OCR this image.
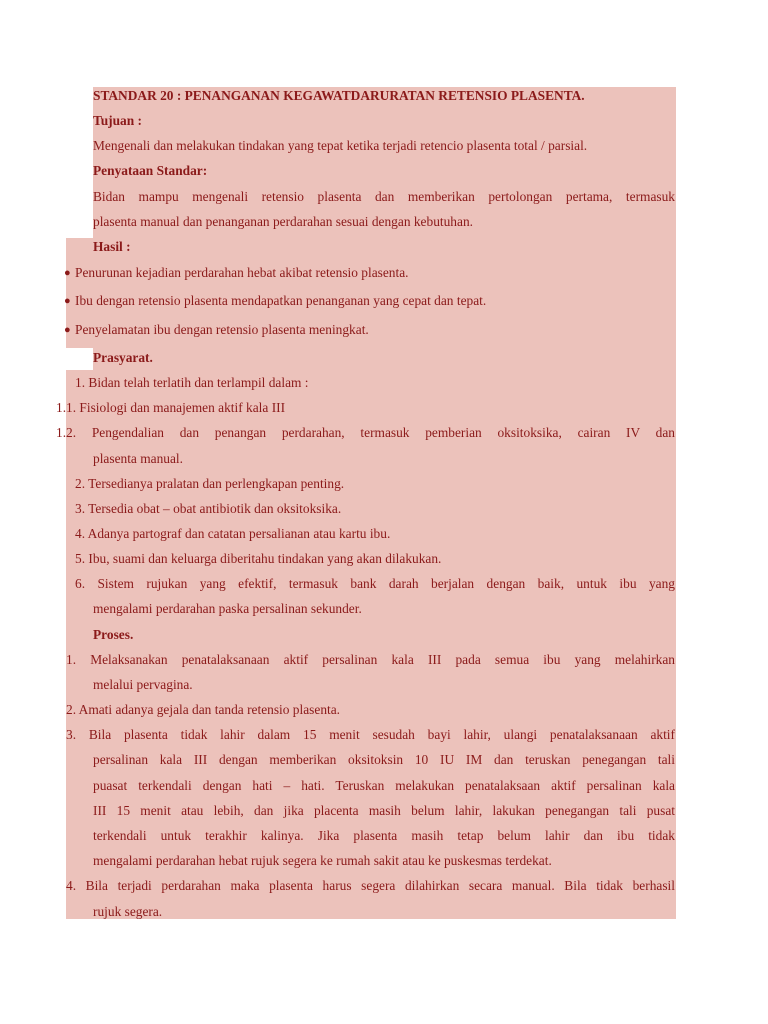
STANDAR 20 : PENANGANAN KEGAWATDARURATAN RETENSIO PLASENTA.
Tujuan :
Mengenali dan melakukan tindakan yang tepat ketika terjadi retencio plasenta total / parsial.
Penyataan Standar:
Bidan mampu mengenali retensio plasenta dan memberikan pertolongan pertama, termasuk
plasenta manual dan penanganan perdarahan sesuai dengan kebutuhan.
Hasil :
● Penurunan kejadian perdarahan hebat akibat retensio plasenta.
● Ibu dengan retensio plasenta mendapatkan penanganan yang cepat dan tepat.
● Penyelamatan ibu dengan retensio plasenta meningkat.
Prasyarat.
1. Bidan telah terlatih dan terlampil dalam :
1.1. Fisiologi dan manajemen aktif kala III
1.2. Pengendalian dan penangan perdarahan, termasuk pemberian oksitoksika, cairan IV dan
plasenta manual.
2. Tersedianya pralatan dan perlengkapan penting.
3. Tersedia obat – obat antibiotik dan oksitoksika.
4. Adanya partograf dan catatan persalianan atau kartu ibu.
5. Ibu, suami dan keluarga diberitahu tindakan yang akan dilakukan.
6. Sistem rujukan yang efektif, termasuk bank darah berjalan dengan baik, untuk ibu yang
mengalami perdarahan paska persalinan sekunder.
Proses.
1. Melaksanakan penatalaksanaan aktif persalinan kala III pada semua ibu yang melahirkan
melalui pervagina.
2. Amati adanya gejala dan tanda retensio plasenta.
3. Bila plasenta tidak lahir dalam 15 menit sesudah bayi lahir, ulangi penatalaksanaan aktif
persalinan kala III dengan memberikan oksitoksin 10 IU IM dan teruskan penegangan tali
puasat terkendali dengan hati – hati. Teruskan melakukan penatalaksaan aktif persalinan kala
III 15 menit atau lebih, dan jika placenta masih belum lahir, lakukan penegangan tali pusat
terkendali untuk terakhir kalinya. Jika plasenta masih tetap belum lahir dan ibu tidak
mengalami perdarahan hebat rujuk segera ke rumah sakit atau ke puskesmas terdekat.
4. Bila terjadi perdarahan maka plasenta harus segera dilahirkan secara manual. Bila tidak berhasil
rujuk segera.
